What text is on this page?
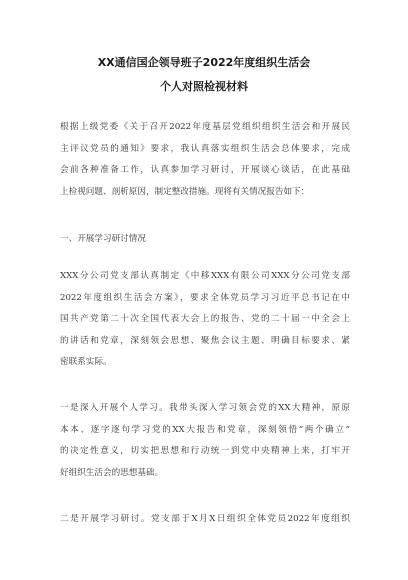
XX通信国企领导班子2022年度组织生活会
个人对照检视材料
根据上级党委《关于召开2022年度基层党组织组织生活会和开展民
主评议党员的通知》要求，我认真落实组织生活会总体要求，完成
会前各种准备工作，认真参加学习研讨，开展谈心谈话，在此基础
上检视问题、剖析原因，制定整改措施。现将有关情况报告如下：
一、开展学习研讨情况
XXX分公司党支部认真制定《中移XXX有限公司XXX分公司党支部
2022年度组织生活会方案》，要求全体党员学习习近平总书记在中
国共产党第二十次全国代表大会上的报告、党的二十届一中全会上
的讲话和党章，深刻领会思想、聚焦会议主题、明确目标要求、紧
密联系实际。
一是深入开展个人学习。我带头深入学习领会党的XX大精神，原原
本本、逐字逐句学习党的XX大报告和党章，深刻领悟“两个确立”
的决定性意义，切实把思想和行动统一到党中央精神上来，打牢开
好组织生活会的思想基础。
二是开展学习研讨。党支部于X月X日组织全体党员2022年度组织
